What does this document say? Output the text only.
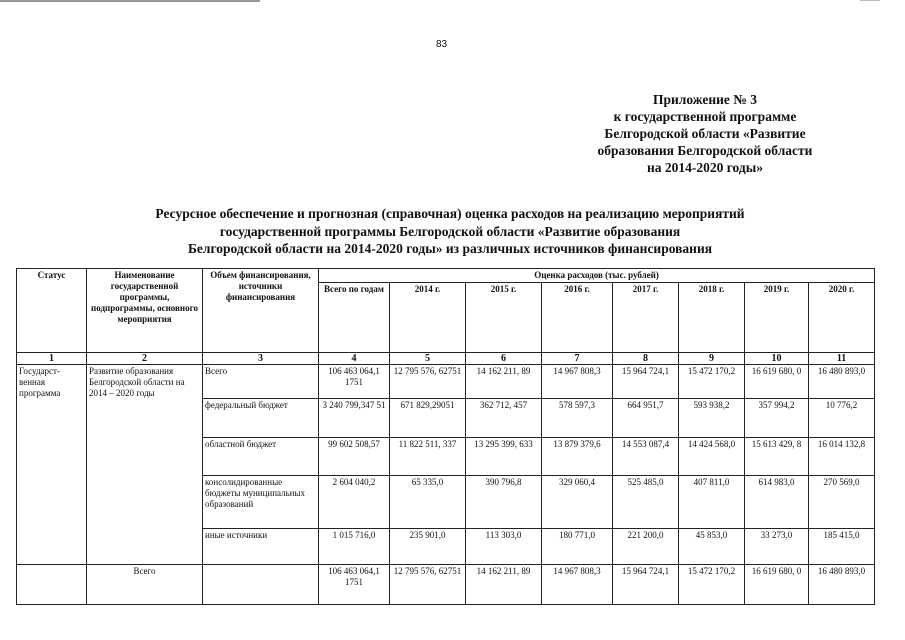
83
Приложение № 3
к государственной программе
Белгородской области «Развитие
образования Белгородской области
на 2014-2020 годы»
Ресурсное обеспечение и прогнозная (справочная) оценка расходов на реализацию мероприятий
государственной программы Белгородской области «Развитие образования
Белгородской области на 2014-2020 годы» из различных источников финансирования
Статус	Наименование государственной программы, подпрограммы, основного мероприятия	Объем финансирования, источники финансирования	Оценка расходов (тыс. рублей)							
			Всего по годам	2014 г.	2015 г.	2016 г.	2017 г.	2018 г.	2019 г.	2020 г.
1	2	3	4	5	6	7	8	9	10	11
Государст-венная программа	Развитие образования Белгородской области на 2014 – 2020 годы	Всего	106 463 064,1 1751	12 795 576, 62751	14 162 211, 89	14 967 808,3	15 964 724,1	15 472 170,2	16 619 680, 0	16 480 893,0
		федеральный бюджет	3 240 799,347 51	671 829,29051	362 712, 457	578 597,3	664 951,7	593 938,2	357 994,2	10 776,2
		областной бюджет	99 602 508,57	11 822 511, 337	13 295 399, 633	13 879 379,6	14 553 087,4	14 424 568,0	15 613 429, 8	16 014 132,8
		консолидированные бюджеты муниципальных образований	2 604 040,2	65 335,0	390 796,8	329 060,4	525 485,0	407 811,0	614 983,0	270 569,0
		иные источники	1 015 716,0	235 901,0	113 303,0	180 771,0	221 200,0	45 853,0	33 273,0	185 415,0
	Всего		106 463 064,1 1751	12 795 576, 62751	14 162 211, 89	14 967 808,3	15 964 724,1	15 472 170,2	16 619 680, 0	16 480 893,0
